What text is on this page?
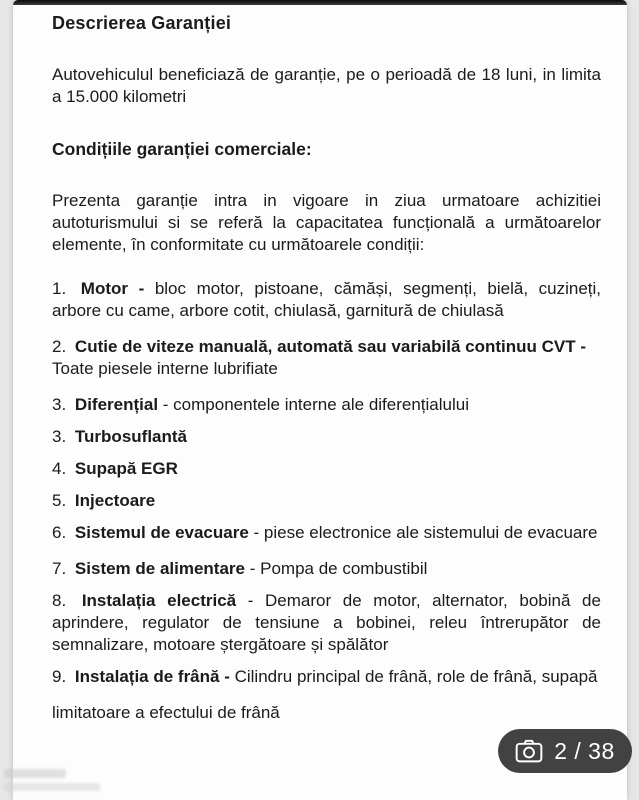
Descrierea Garanției

Autovehiculul beneficiază de garanție, pe o perioadă de 18 luni, in limita a 15.000 kilometri

Condițiile garanției comerciale:

Prezenta garanție intra in vigoare in ziua urmatoare achizitiei autoturismului si se referă la capacitatea funcțională a următoarelor elemente, în conformitate cu următoarele condiții:

1. Motor - bloc motor, pistoane, cămăși, segmenți, bielă, cuzineți, arbore cu came, arbore cotit, chiulasă, garnitură de chiulasă

2. Cutie de viteze manuală, automată sau variabilă continuu CVT - Toate piesele interne lubrifiate

3. Diferențial - componentele interne ale diferențialului

3. Turbosuflantă

4. Supapă EGR

5. Injectoare

6. Sistemul de evacuare - piese electronice ale sistemului de evacuare

7. Sistem de alimentare - Pompa de combustibil

8. Instalația electrică - Demaror de motor, alternator, bobină de aprindere, regulator de tensiune a bobinei, releu întrerupător de semnalizare, motoare ștergătoare și spălător

9. Instalația de frână - Cilindru principal de frână, role de frână, supapă

limitatoare a efectului de frână

2 / 38
